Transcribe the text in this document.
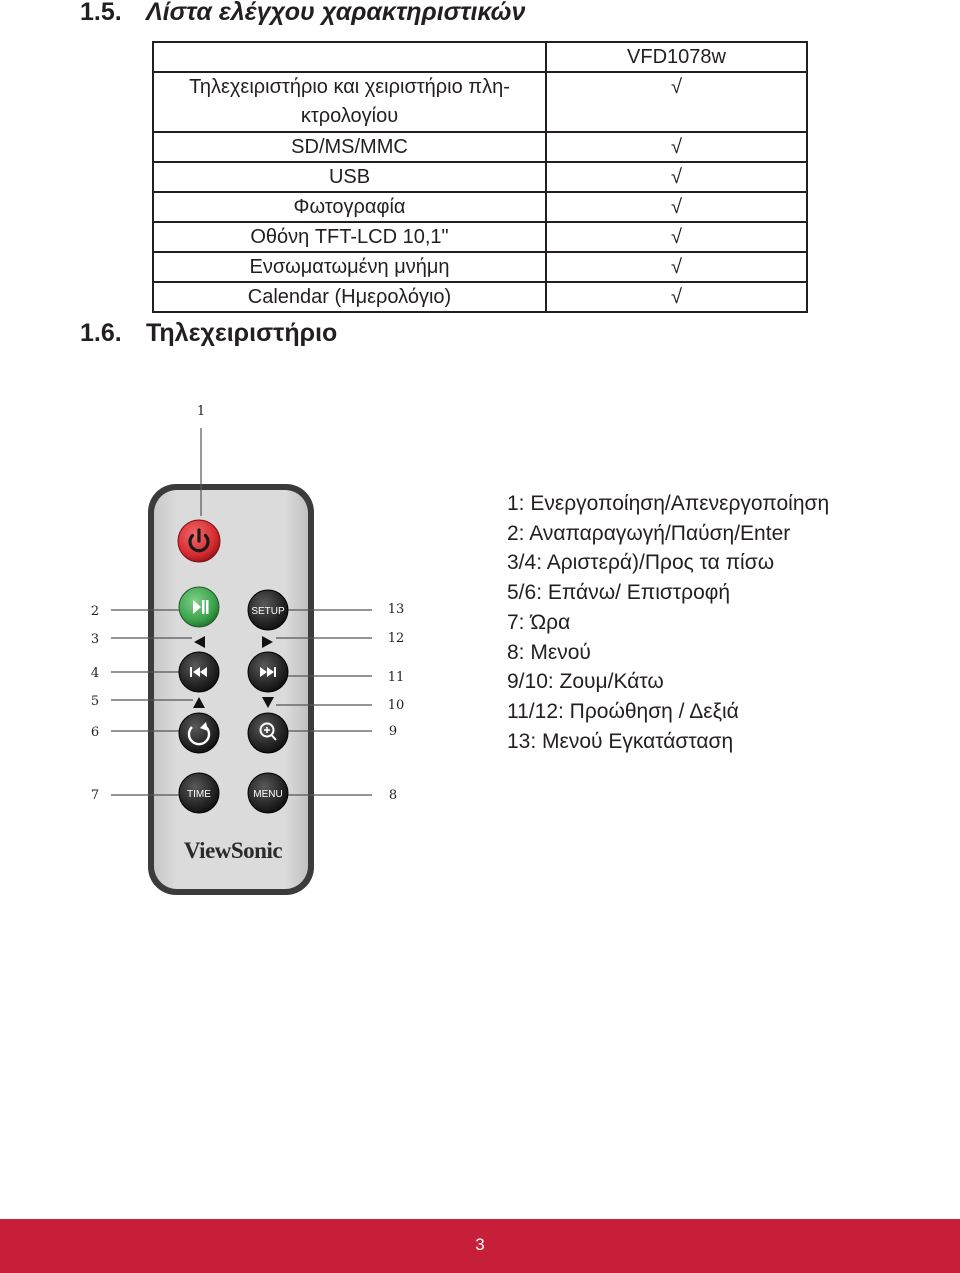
1.5. Λίστα ελέγχου χαρακτηριστικών
	VFD1078w
Τηλεχειριστήριο και χειριστήριο πλη-
κτρολογίου	√
SD/MS/MMC	√
USB	√
Φωτογραφία	√
Οθόνη TFT-LCD 10,1"	√
Ενσωματωμένη μνήμη	√
Calendar (Ημερολόγιο)	√
1.6. Τηλεχειριστήριο
1
2
3
4
5
6
7
13
12
11
10
9
8
SETUP
TIME	MENU
ViewSonic
1: Ενεργοποίηση/Απενεργοποίηση
2: Αναπαραγωγή/Παύση/Enter
3/4: Αριστερά)/Προς τα πίσω
5/6: Επάνω/ Επιστροφή
7: Ώρα
8: Μενού
9/10: Ζουμ/Κάτω
11/12: Προώθηση / Δεξιά
13: Μενού Εγκατάσταση
3
